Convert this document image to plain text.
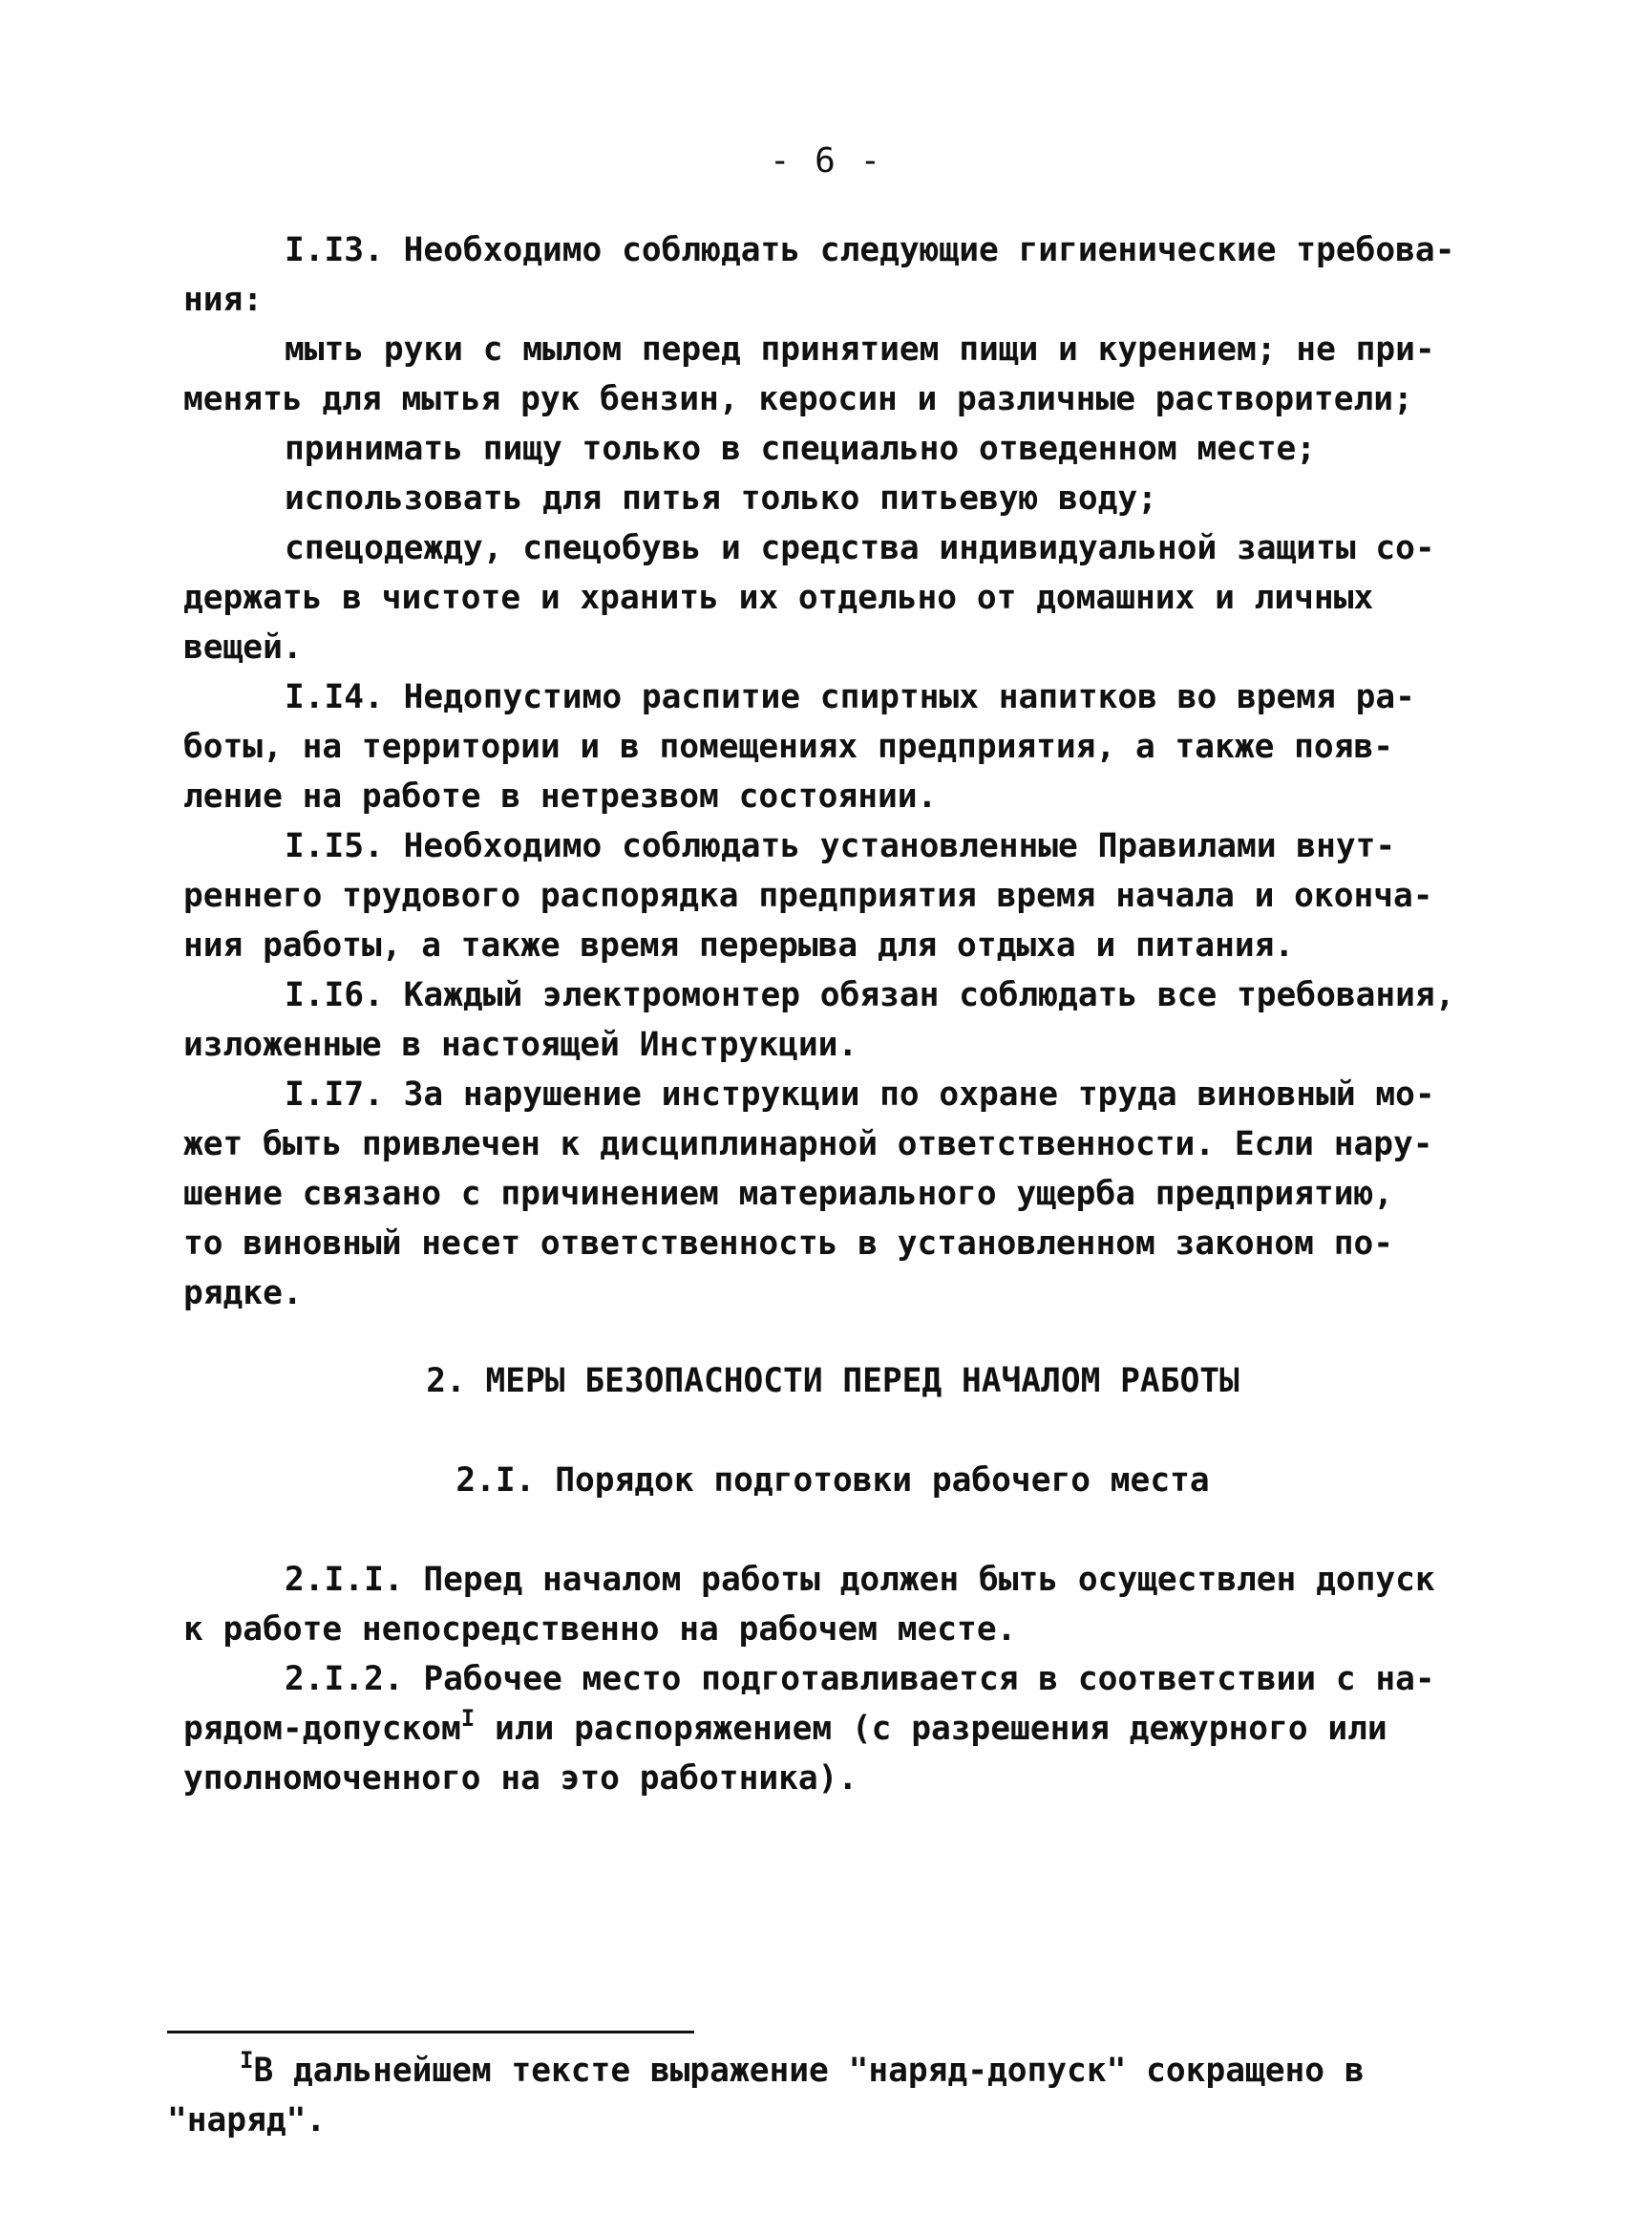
- 6 -
I.I3. Необходимо соблюдать следующие гигиенические требова-
ния:
мыть руки с мылом перед принятием пищи и курением; не при-
менять для мытья рук бензин, керосин и различные растворители;
принимать пищу только в специально отведенном месте;
использовать для питья только питьевую воду;
спецодежду, спецобувь и средства индивидуальной защиты со-
держать в чистоте и хранить их отдельно от домашних и личных
вещей.
I.I4. Недопустимо распитие спиртных напитков во время ра-
боты, на территории и в помещениях предприятия, а также появ-
ление на работе в нетрезвом состоянии.
I.I5. Необходимо соблюдать установленные Правилами внут-
реннего трудового распорядка предприятия время начала и оконча-
ния работы, а также время перерыва для отдыха и питания.
I.I6. Каждый электромонтер обязан соблюдать все требования,
изложенные в настоящей Инструкции.
I.I7. За нарушение инструкции по охране труда виновный мо-
жет быть привлечен к дисциплинарной ответственности. Если нару-
шение связано с причинением материального ущерба предприятию,
то виновный несет ответственность в установленном законом по-
рядке.
2. МЕРЫ БЕЗОПАСНОСТИ ПЕРЕД НАЧАЛОМ РАБОТЫ
2.I. Порядок подготовки рабочего места
2.I.I. Перед началом работы должен быть осуществлен допуск
к работе непосредственно на рабочем месте.
2.I.2. Рабочее место подготавливается в соответствии с на-
рядом-допуском$^I$ или распоряжением (с разрешения дежурного или
уполномоченного на это работника).
$^I$В дальнейшем тексте выражение "наряд-допуск" сокращено в
"наряд".
